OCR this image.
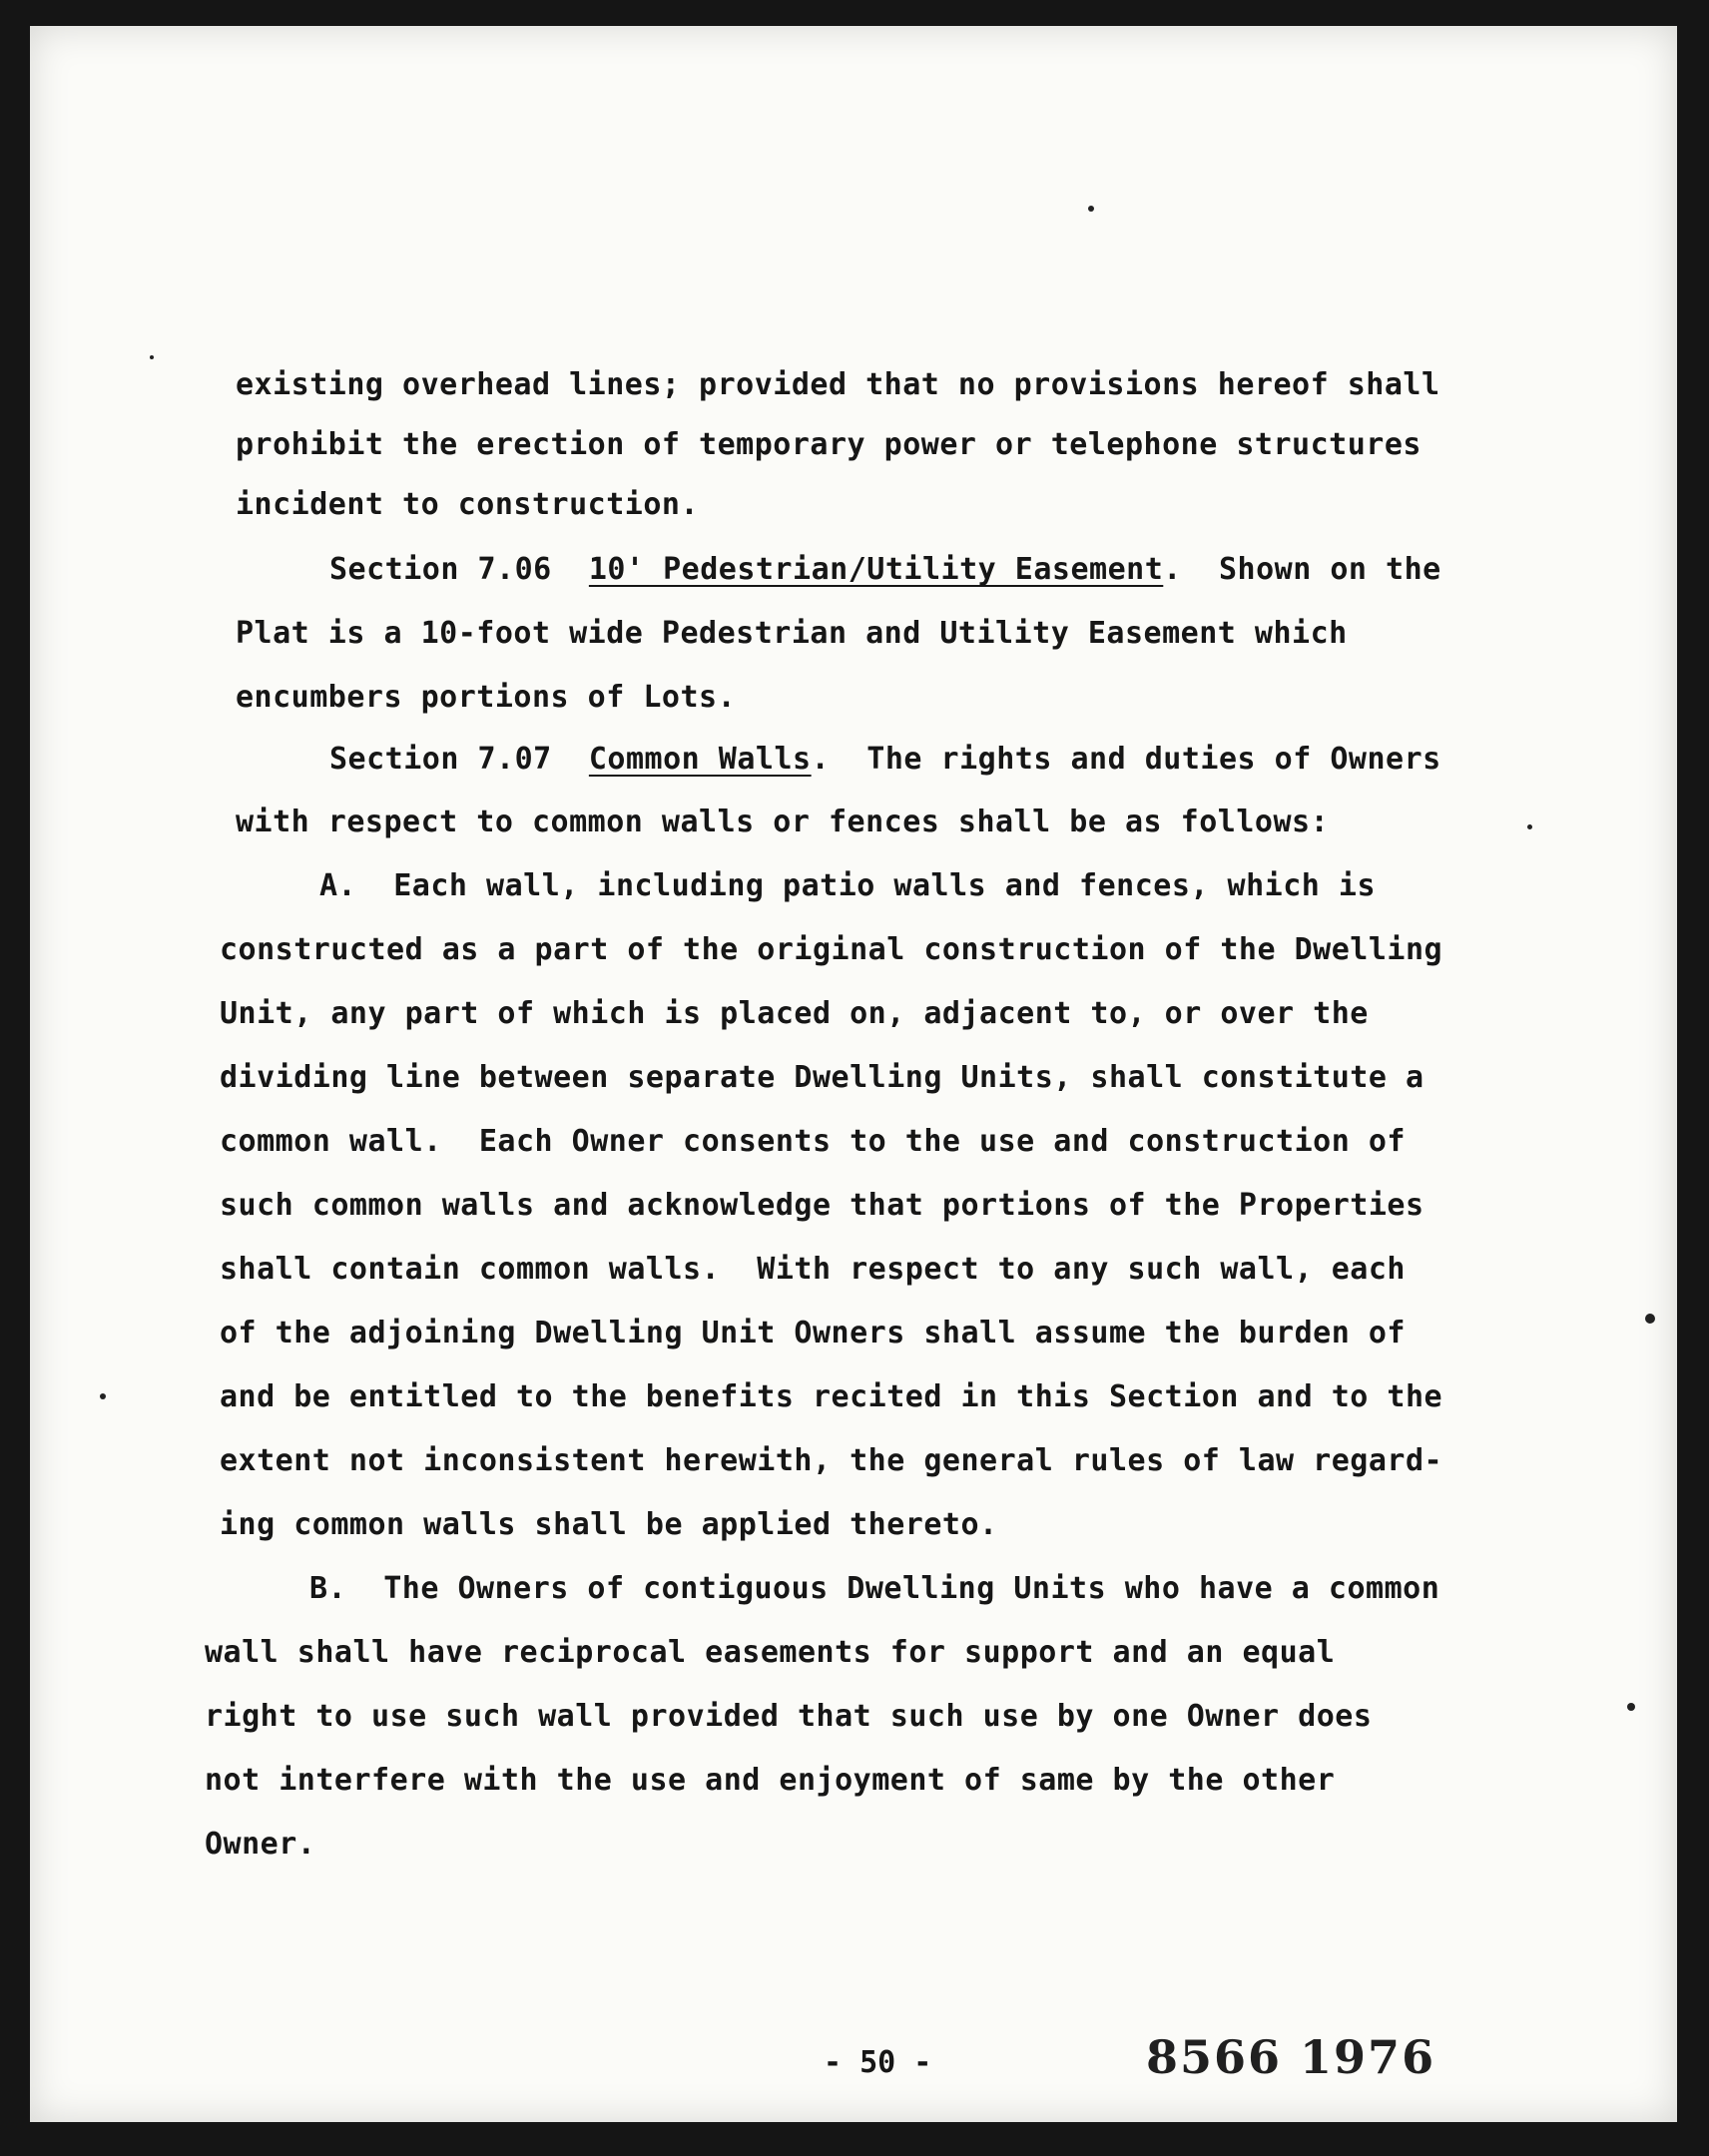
existing overhead lines; provided that no provisions hereof shall
prohibit the erection of temporary power or telephone structures
incident to construction.
Section 7.06 10' Pedestrian/Utility Easement.  Shown on the
Plat is a 10-foot wide Pedestrian and Utility Easement which
encumbers portions of Lots.
Section 7.07 Common Walls.  The rights and duties of Owners
with respect to common walls or fences shall be as follows:
A.  Each wall, including patio walls and fences, which is
constructed as a part of the original construction of the Dwelling
Unit, any part of which is placed on, adjacent to, or over the
dividing line between separate Dwelling Units, shall constitute a
common wall.  Each Owner consents to the use and construction of
such common walls and acknowledge that portions of the Properties
shall contain common walls.  With respect to any such wall, each
of the adjoining Dwelling Unit Owners shall assume the burden of
and be entitled to the benefits recited in this Section and to the
extent not inconsistent herewith, the general rules of law regard-
ing common walls shall be applied thereto.
B.  The Owners of contiguous Dwelling Units who have a common
wall shall have reciprocal easements for support and an equal
right to use such wall provided that such use by one Owner does
not interfere with the use and enjoyment of same by the other
Owner.
- 50 -	8566 1976
